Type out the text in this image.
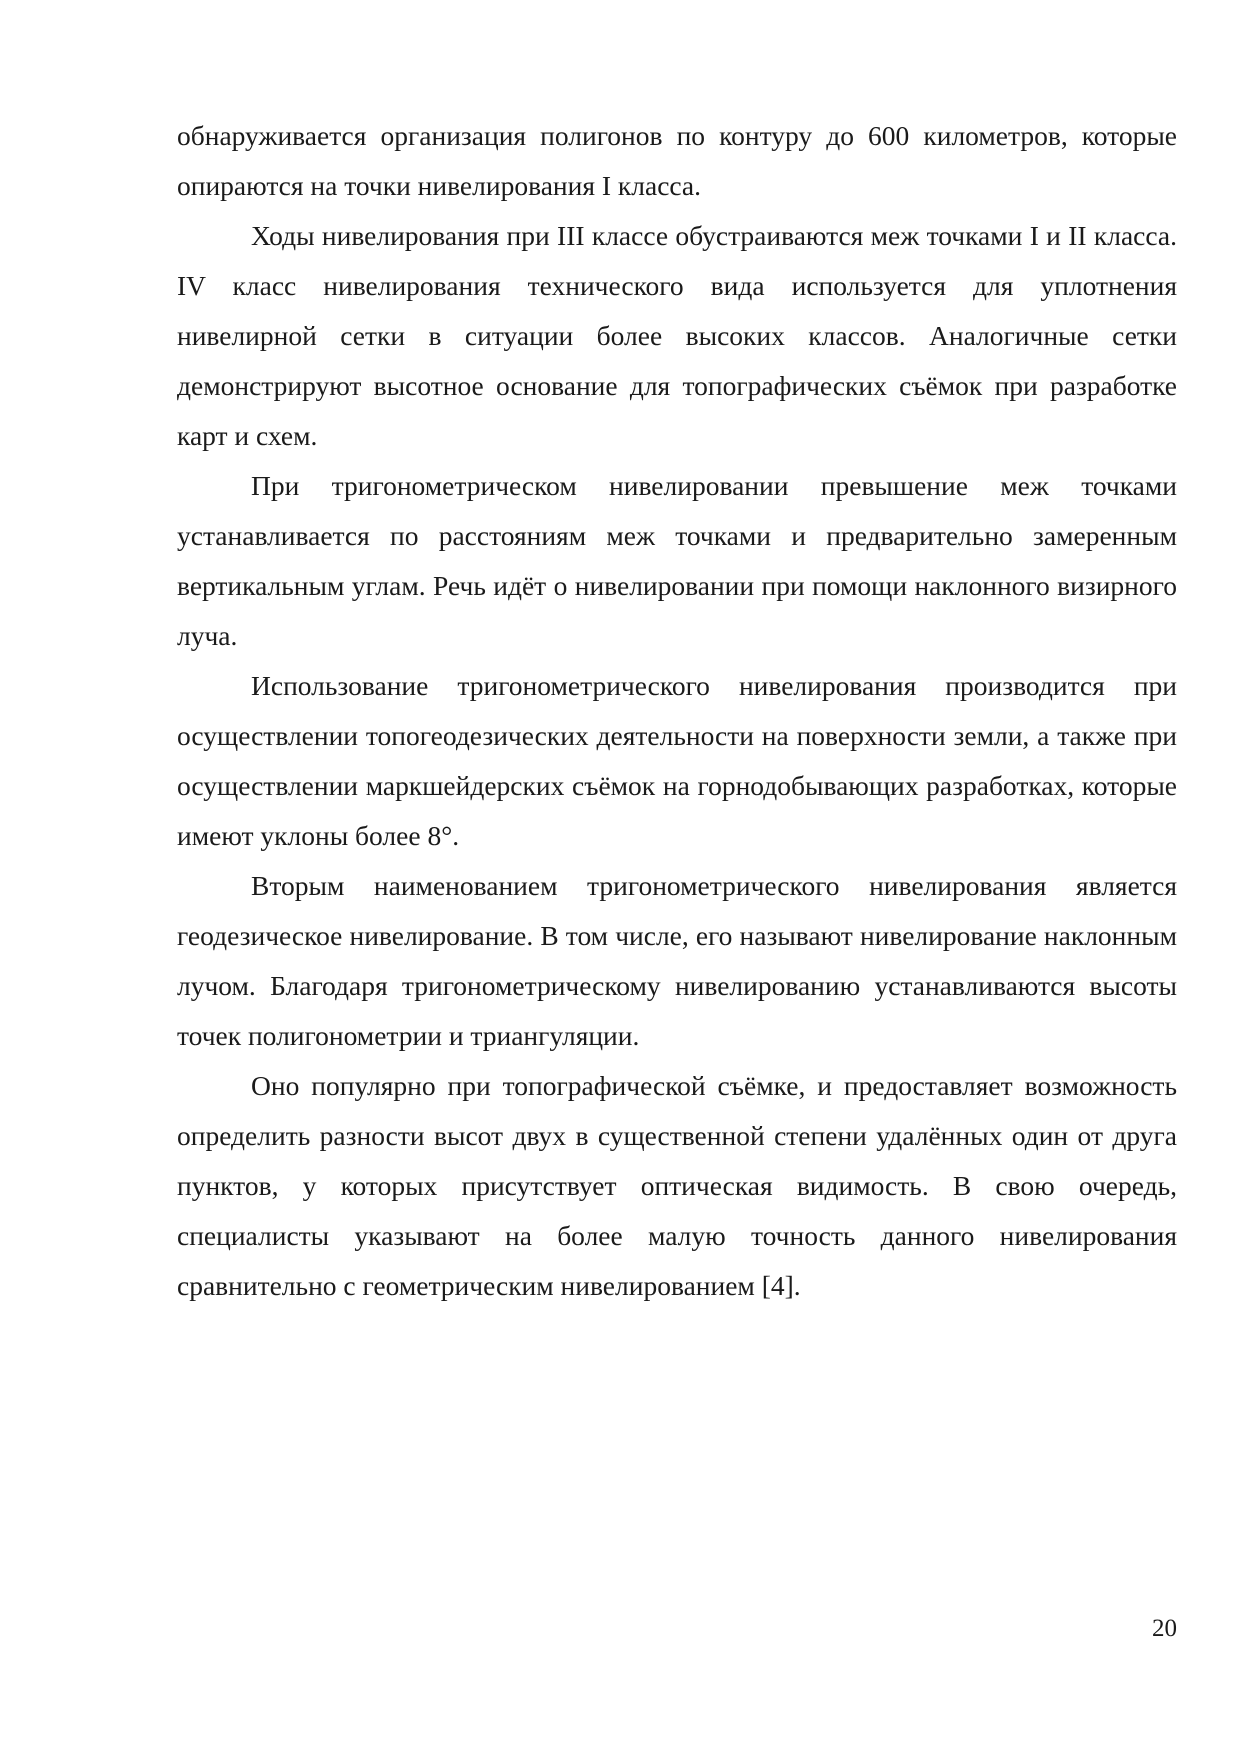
обнаруживается организация полигонов по контуру до 600 километров, которые опираются на точки нивелирования I класса.

Ходы нивелирования при III классе обустраиваются меж точками I и II класса. IV класс нивелирования технического вида используется для уплотнения нивелирной сетки в ситуации более высоких классов. Аналогичные сетки демонстрируют высотное основание для топографических съёмок при разработке карт и схем.

При тригонометрическом нивелировании превышение меж точками устанавливается по расстояниям меж точками и предварительно замеренным вертикальным углам. Речь идёт о нивелировании при помощи наклонного визирного луча.

Использование тригонометрического нивелирования производится при осуществлении топогеодезических деятельности на поверхности земли, а также при осуществлении маркшейдерских съёмок на горнодобывающих разработках, которые имеют уклоны более 8°.

Вторым наименованием тригонометрического нивелирования является геодезическое нивелирование. В том числе, его называют нивелирование наклонным лучом. Благодаря тригонометрическому нивелированию устанавливаются высоты точек полигонометрии и триангуляции.

Оно популярно при топографической съёмке, и предоставляет возможность определить разности высот двух в существенной степени удалённых один от друга пунктов, у которых присутствует оптическая видимость. В свою очередь, специалисты указывают на более малую точность данного нивелирования сравнительно с геометрическим нивелированием [4].

20
